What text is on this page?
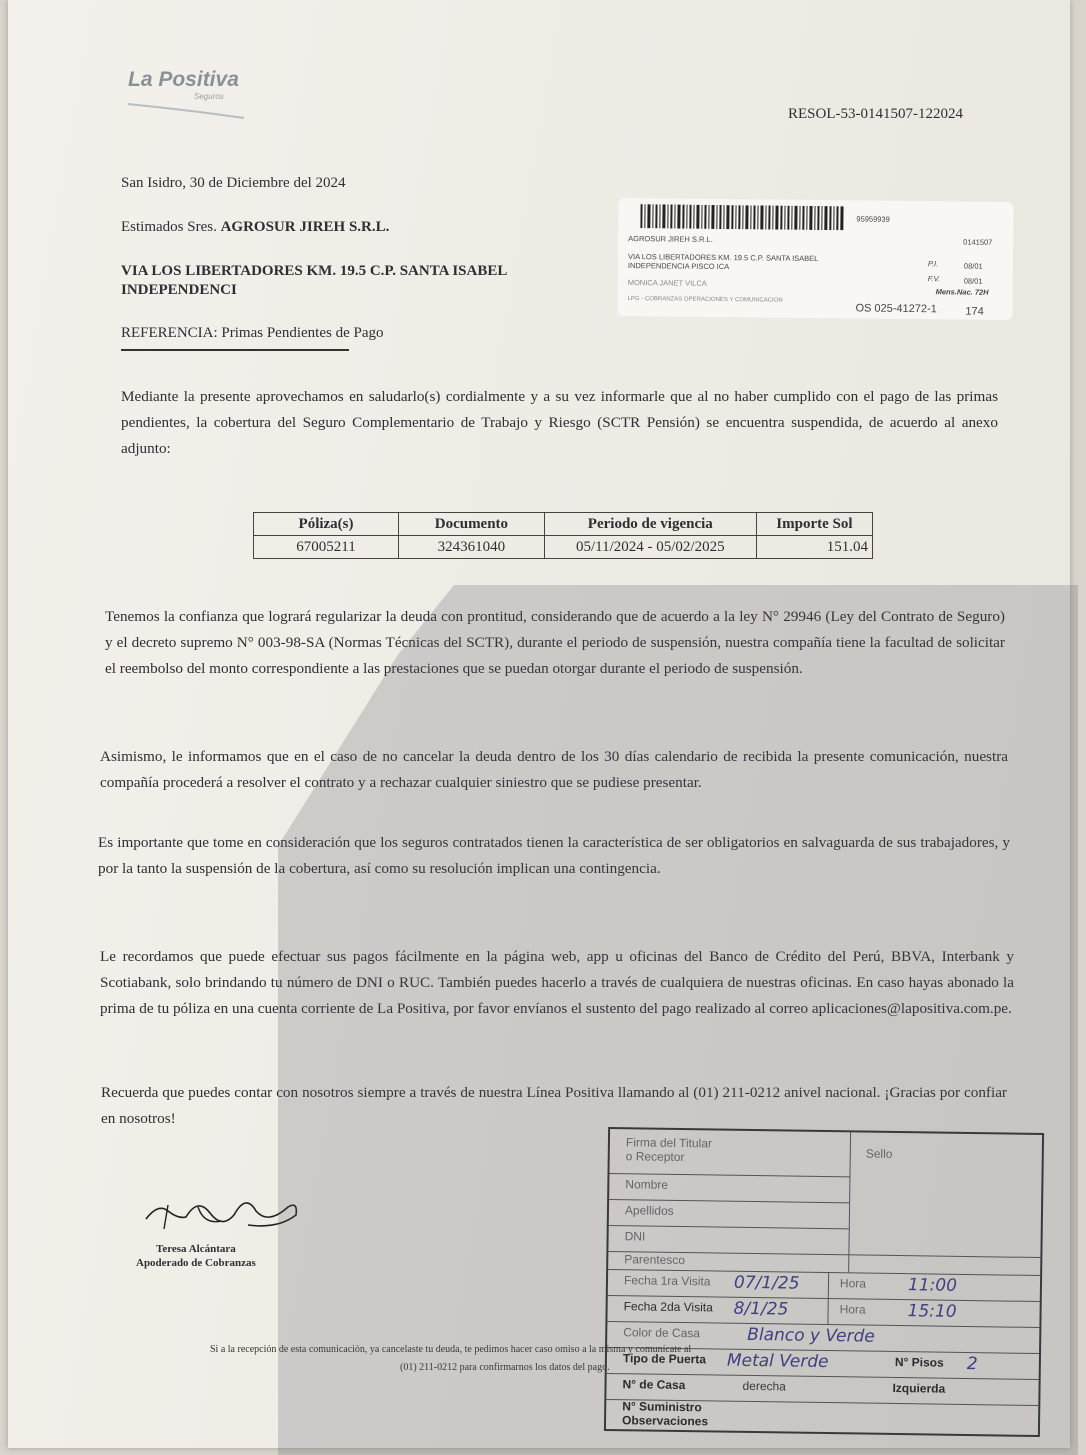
La Positiva
Seguros
RESOL-53-0141507-122024
San Isidro, 30 de Diciembre del 2024
Estimados Sres. AGROSUR JIREH S.R.L.
VIA LOS LIBERTADORES KM. 19.5 C.P. SANTA ISABEL
INDEPENDENCI
REFERENCIA: Primas Pendientes de Pago
95959939
AGROSUR JIREH S.R.L.	0141507
VIA LOS LIBERTADORES KM. 19.5 C.P. SANTA ISABEL
INDEPENDENCIA PISCO ICA	P.I.	08/01
F.V.	08/01
Mens.Nac. 72H
MONICA JANET VILCA
LPG - COBRANZAS OPERACIONES Y COMUNICACION
OS 025-41272-1	174
Mediante la presente aprovechamos en saludarlo(s) cordialmente y a su vez informarle que al no haber cumplido con el pago de las primas pendientes, la cobertura del Seguro Complementario de Trabajo y Riesgo (SCTR Pensión) se encuentra suspendida, de acuerdo al anexo adjunto:
Póliza(s)	Documento	Periodo de vigencia	Importe Sol
67005211	324361040	05/11/2024 - 05/02/2025	151.04
Tenemos la confianza que logrará regularizar la deuda con prontitud, considerando que de acuerdo a la ley N° 29946 (Ley del Contrato de Seguro) y el decreto supremo N° 003-98-SA (Normas Técnicas del SCTR), durante el periodo de suspensión, nuestra compañía tiene la facultad de solicitar el reembolso del monto correspondiente a las prestaciones que se puedan otorgar durante el periodo de suspensión.
Asimismo, le informamos que en el caso de no cancelar la deuda dentro de los 30 días calendario de recibida la presente comunicación, nuestra compañía procederá a resolver el contrato y a rechazar cualquier siniestro que se pudiese presentar.
Es importante que tome en consideración que los seguros contratados tienen la característica de ser obligatorios en salvaguarda de sus trabajadores, y por la tanto la suspensión de la cobertura, así como su resolución implican una contingencia.
Le recordamos que puede efectuar sus pagos fácilmente en la página web, app u oficinas del Banco de Crédito del Perú, BBVA, Interbank y Scotiabank, solo brindando tu número de DNI o RUC. También puedes hacerlo a través de cualquiera de nuestras oficinas. En caso hayas abonado la prima de tu póliza en una cuenta corriente de La Positiva, por favor envíanos el sustento del pago realizado al correo aplicaciones@lapositiva.com.pe.
Recuerda que puedes contar con nosotros siempre a través de nuestra Línea Positiva llamando al (01) 211-0212 anivel nacional. ¡Gracias por confiar en nosotros!
Teresa Alcántara
Apoderado de Cobranzas
Firma del Titular
o Receptor	Sello
Nombre
Apellidos
DNI
Parentesco
Fecha 1ra Visita 07/1/25	Hora 11:00
Fecha 2da Visita 8/1/25	Hora 15:10
Color de Casa	Blanco y Verde
Tipo de Puerta Metal Verde	N° Pisos 2
N° de Casa	derecha	Izquierda
N° Suministro
Observaciones
Si a la recepción de esta comunicación, ya cancelaste tu deuda, te pedimos hacer caso omiso a la misma y comunícate al
(01) 211-0212 para confirmarnos los datos del pago.
